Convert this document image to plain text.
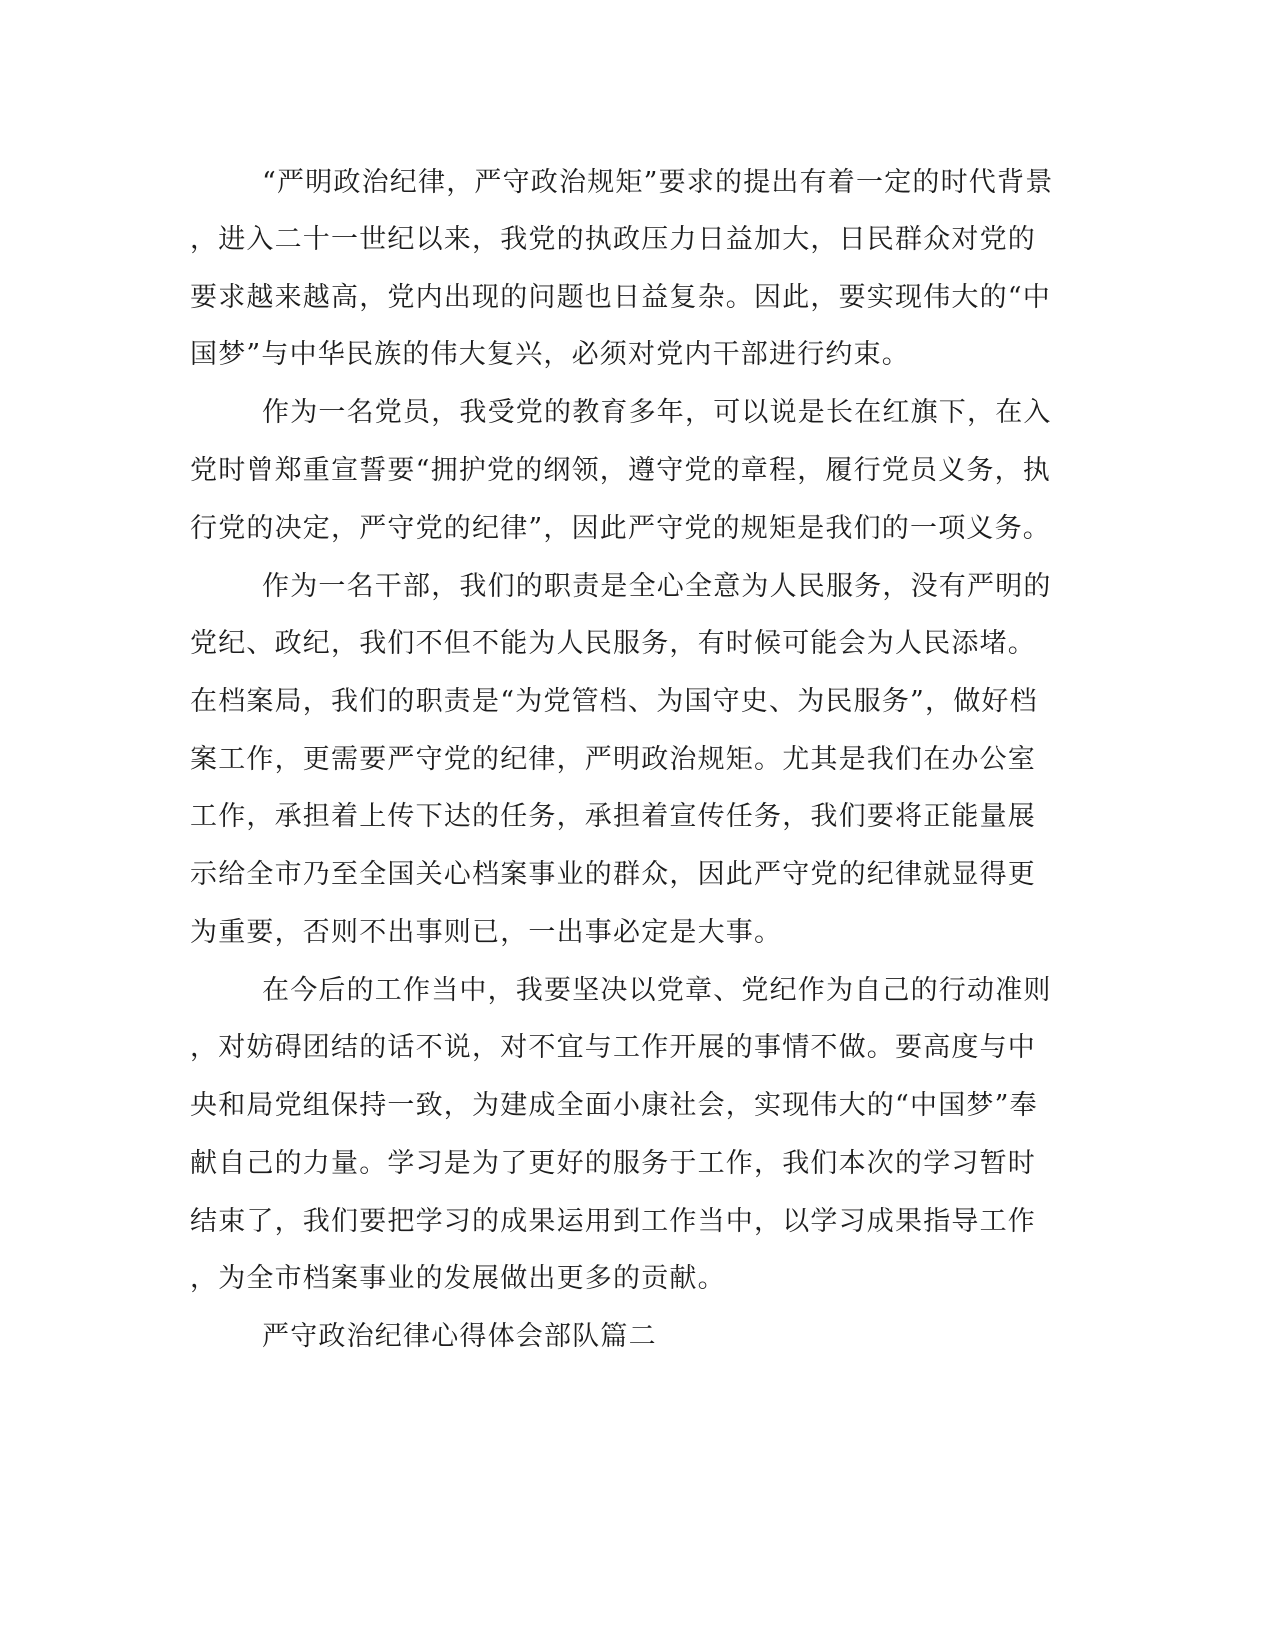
“严明政治纪律，严守政治规矩”要求的提出有着一定的时代背景
，进入二十一世纪以来，我党的执政压力日益加大，日民群众对党的
要求越来越高，党内出现的问题也日益复杂。因此，要实现伟大的“中
国梦”与中华民族的伟大复兴，必须对党内干部进行约束。
作为一名党员，我受党的教育多年，可以说是长在红旗下，在入
党时曾郑重宣誓要“拥护党的纲领，遵守党的章程，履行党员义务，执
行党的决定，严守党的纪律”，因此严守党的规矩是我们的一项义务。
作为一名干部，我们的职责是全心全意为人民服务，没有严明的
党纪、政纪，我们不但不能为人民服务，有时候可能会为人民添堵。
在档案局，我们的职责是“为党管档、为国守史、为民服务”，做好档
案工作，更需要严守党的纪律，严明政治规矩。尤其是我们在办公室
工作，承担着上传下达的任务，承担着宣传任务，我们要将正能量展
示给全市乃至全国关心档案事业的群众，因此严守党的纪律就显得更
为重要，否则不出事则已，一出事必定是大事。
在今后的工作当中，我要坚决以党章、党纪作为自己的行动准则
，对妨碍团结的话不说，对不宜与工作开展的事情不做。要高度与中
央和局党组保持一致，为建成全面小康社会，实现伟大的“中国梦”奉
献自己的力量。学习是为了更好的服务于工作，我们本次的学习暂时
结束了，我们要把学习的成果运用到工作当中，以学习成果指导工作
，为全市档案事业的发展做出更多的贡献。
严守政治纪律心得体会部队篇二
